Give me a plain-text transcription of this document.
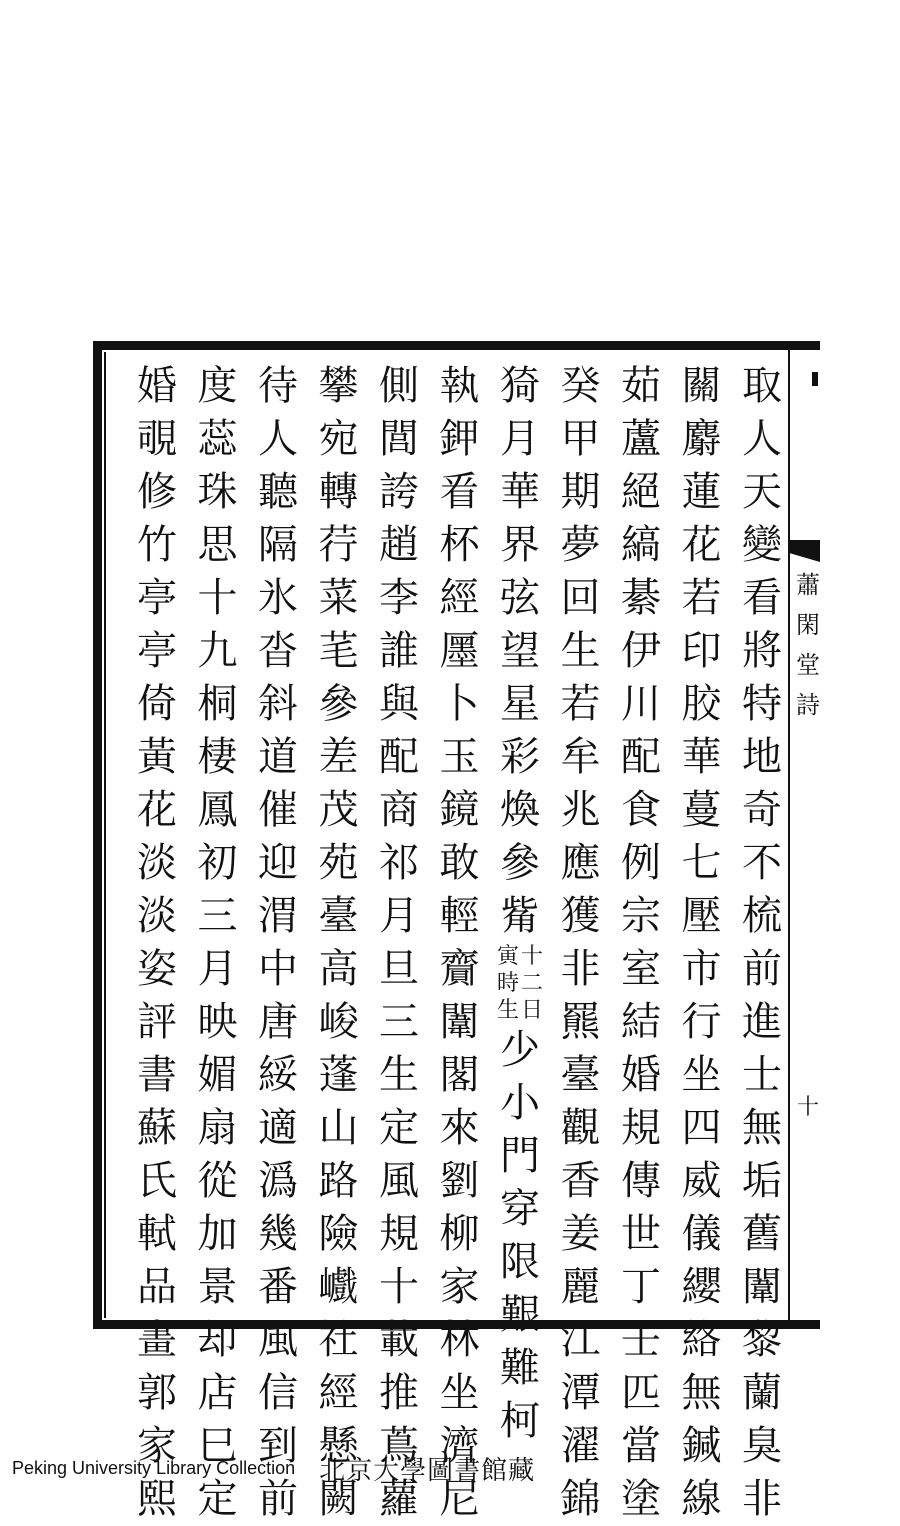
蕭
閑
堂
詩
十
取
人
天
變
看
將
特
地
奇
不
梳
前
進
士
無
垢
舊
闈
黎
蘭
臭
非
關
麝
蓮
花
若
印
㬵
華
蔓
七
壓
市
行
坐
四
威
儀
纓
絡
無
鍼
線
茹
蘆
絕
縞
綦
伊
川
配
食
例
宗
室
結
婚
規
傳
世
丁
壬
匹
當
塗
癸
甲
期
夢
回
生
若
牟
兆
應
獲
非
羆
臺
觀
香
姜
麗
江
潭
濯
錦
猗
月
華
界
弦
望
星
彩
煥
參
觜
寅時生
十二日
少
小
門
穿
限
艱
難
柯
執
鉀
㸔
杯
經
㕓
卜
玉
鏡
敢
輕
齎
闈
閣
來
劉
柳
家
林
坐
濟
尼
側
閭
誇
趙
李
誰
與
配
商
祁
月
旦
三
生
定
風
規
十
載
推
蔦
蘿
攀
宛
轉
荇
菜
芼
參
差
茂
苑
臺
高
峻
蓬
山
路
險
巇
社
經
懸
闕
待
人
聽
隔
氷
沓
斜
道
催
迎
渭
中
唐
綏
適
潙
幾
番
風
信
到
前
度
蕊
珠
思
十
九
桐
棲
鳳
初
三
月
映
媚
扇
從
加
景
却
店
巳
定
婚
覗
修
竹
亭
亭
倚
黃
花
淡
淡
姿
評
書
蘇
氏
軾
品
畫
郭
家
熙
Peking University Library Collection 北京大學圖書館藏
